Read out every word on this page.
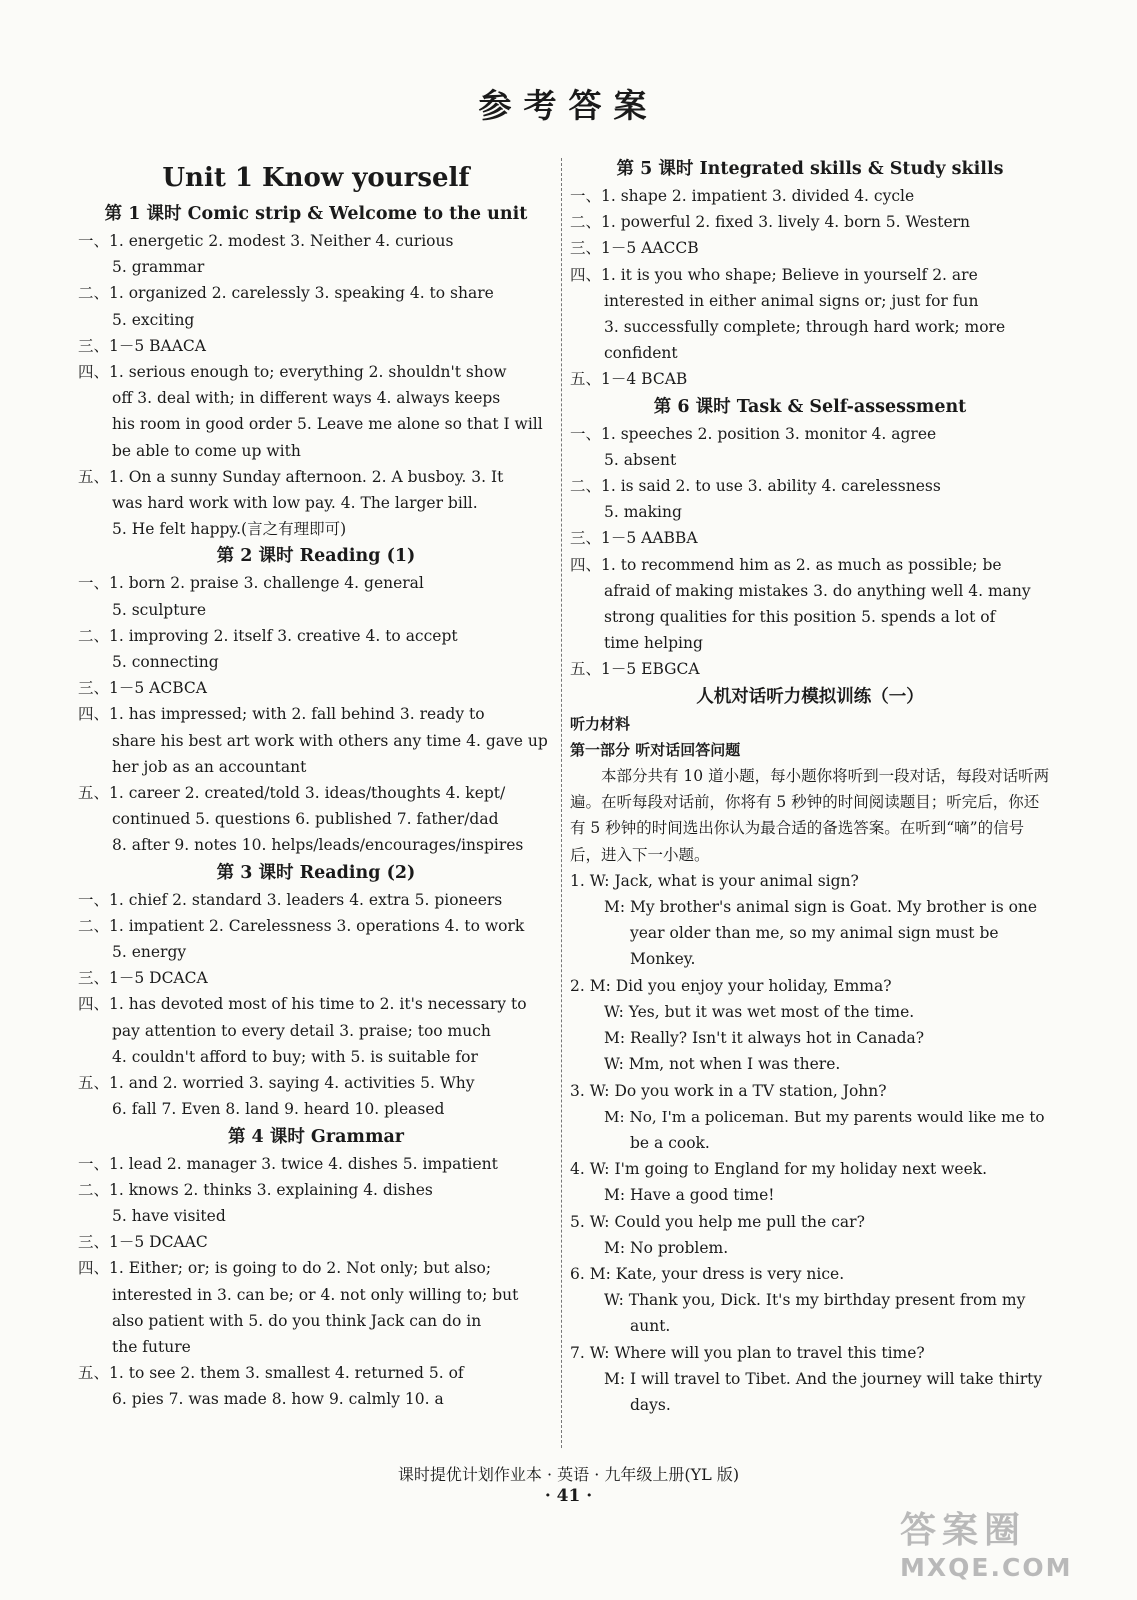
参考答案
Unit 1 Know yourself
第 1 课时 Comic strip & Welcome to the unit
一、1. energetic 2. modest 3. Neither 4. curious
5. grammar
二、1. organized 2. carelessly 3. speaking 4. to share
5. exciting
三、1－5 BAACA
四、1. serious enough to; everything 2. shouldn't show
off 3. deal with; in different ways 4. always keeps
his room in good order 5. Leave me alone so that I will
be able to come up with
五、1. On a sunny Sunday afternoon. 2. A busboy. 3. It
was hard work with low pay. 4. The larger bill.
5. He felt happy.(言之有理即可)
第 2 课时 Reading (1)
一、1. born 2. praise 3. challenge 4. general
5. sculpture
二、1. improving 2. itself 3. creative 4. to accept
5. connecting
三、1－5 ACBCA
四、1. has impressed; with 2. fall behind 3. ready to
share his best art work with others any time 4. gave up
her job as an accountant
五、1. career 2. created/told 3. ideas/thoughts 4. kept/
continued 5. questions 6. published 7. father/dad
8. after 9. notes 10. helps/leads/encourages/inspires
第 3 课时 Reading (2)
一、1. chief 2. standard 3. leaders 4. extra 5. pioneers
二、1. impatient 2. Carelessness 3. operations 4. to work
5. energy
三、1－5 DCACA
四、1. has devoted most of his time to 2. it's necessary to
pay attention to every detail 3. praise; too much
4. couldn't afford to buy; with 5. is suitable for
五、1. and 2. worried 3. saying 4. activities 5. Why
6. fall 7. Even 8. land 9. heard 10. pleased
第 4 课时 Grammar
一、1. lead 2. manager 3. twice 4. dishes 5. impatient
二、1. knows 2. thinks 3. explaining 4. dishes
5. have visited
三、1－5 DCAAC
四、1. Either; or; is going to do 2. Not only; but also;
interested in 3. can be; or 4. not only willing to; but
also patient with 5. do you think Jack can do in
the future
五、1. to see 2. them 3. smallest 4. returned 5. of
6. pies 7. was made 8. how 9. calmly 10. a
第 5 课时 Integrated skills & Study skills
一、1. shape 2. impatient 3. divided 4. cycle
二、1. powerful 2. fixed 3. lively 4. born 5. Western
三、1－5 AACCB
四、1. it is you who shape; Believe in yourself 2. are
interested in either animal signs or; just for fun
3. successfully complete; through hard work; more
confident
五、1－4 BCAB
第 6 课时 Task & Self-assessment
一、1. speeches 2. position 3. monitor 4. agree
5. absent
二、1. is said 2. to use 3. ability 4. carelessness
5. making
三、1－5 AABBA
四、1. to recommend him as 2. as much as possible; be
afraid of making mistakes 3. do anything well 4. many
strong qualities for this position 5. spends a lot of
time helping
五、1－5 EBGCA
人机对话听力模拟训练（一）
听力材料
第一部分 听对话回答问题
本部分共有 10 道小题，每小题你将听到一段对话，每段对话听两遍。在听每段对话前，你将有 5 秒钟的时间阅读题目；听完后，你还有 5 秒钟的时间选出你认为最合适的备选答案。在听到“嘀”的信号后，进入下一小题。
1. W: Jack, what is your animal sign?
M: My brother's animal sign is Goat. My brother is one
year older than me, so my animal sign must be
Monkey.
2. M: Did you enjoy your holiday, Emma?
W: Yes, but it was wet most of the time.
M: Really? Isn't it always hot in Canada?
W: Mm, not when I was there.
3. W: Do you work in a TV station, John?
M: No, I'm a policeman. But my parents would like me to
be a cook.
4. W: I'm going to England for my holiday next week.
M: Have a good time!
5. W: Could you help me pull the car?
M: No problem.
6. M: Kate, your dress is very nice.
W: Thank you, Dick. It's my birthday present from my
aunt.
7. W: Where will you plan to travel this time?
M: I will travel to Tibet. And the journey will take thirty
days.
课时提优计划作业本 · 英语 · 九年级上册(YL 版)
· 41 ·
答案圈
MXQE.COM
